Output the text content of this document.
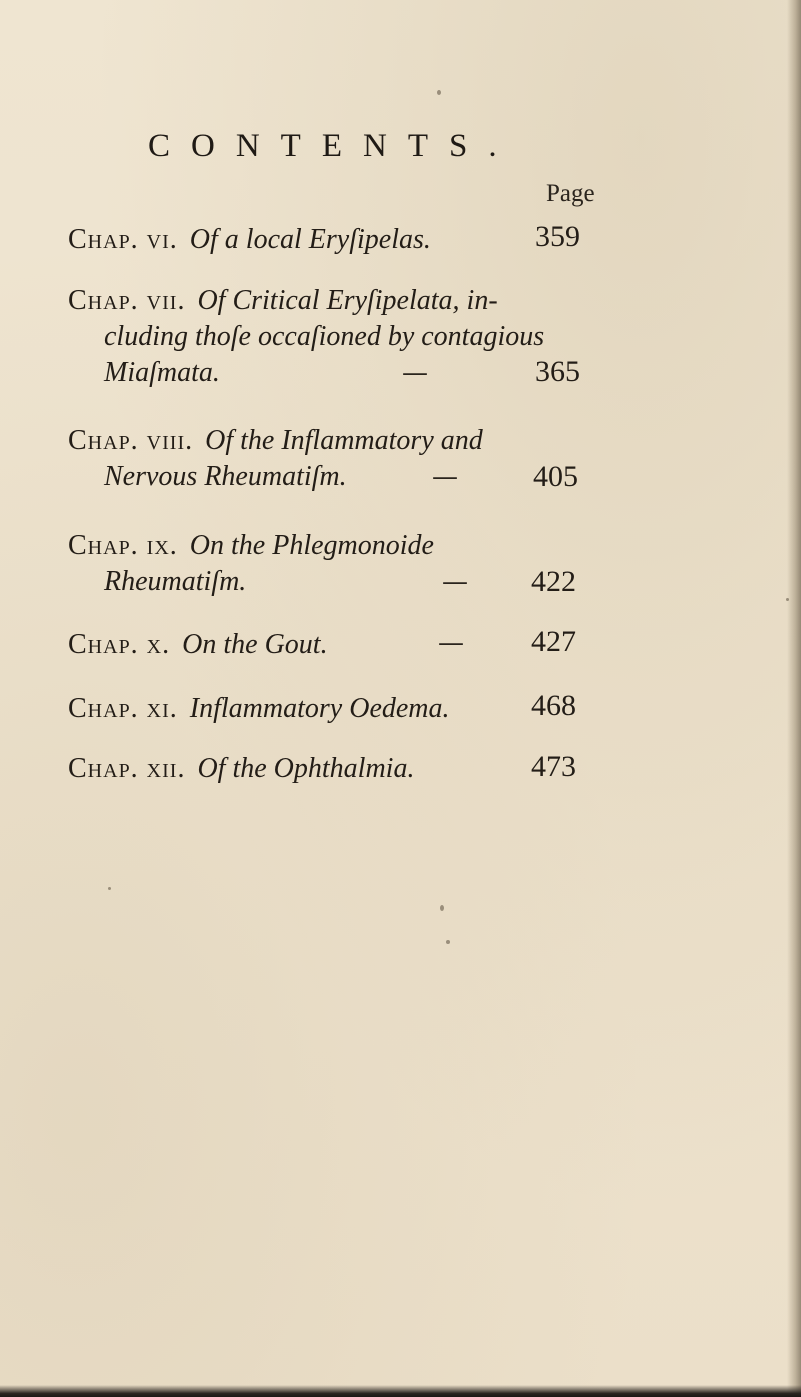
CONTENTS.
Page
Chap. vi. Of a local Eryſipelas.	359
Chap. vii. Of Critical Eryſipelata, in-
cluding thoſe occaſioned by contagious
Miaſmata.	—	365
Chap. viii. Of the Inflammatory and
Nervous Rheumatiſm.	—	405
Chap. ix. On the Phlegmonoide
Rheumatiſm.	— 422
Chap. x. On the Gout.	— 427
Chap. xi. Inflammatory Oedema.	468
Chap. xii. Of the Ophthalmia.	473
